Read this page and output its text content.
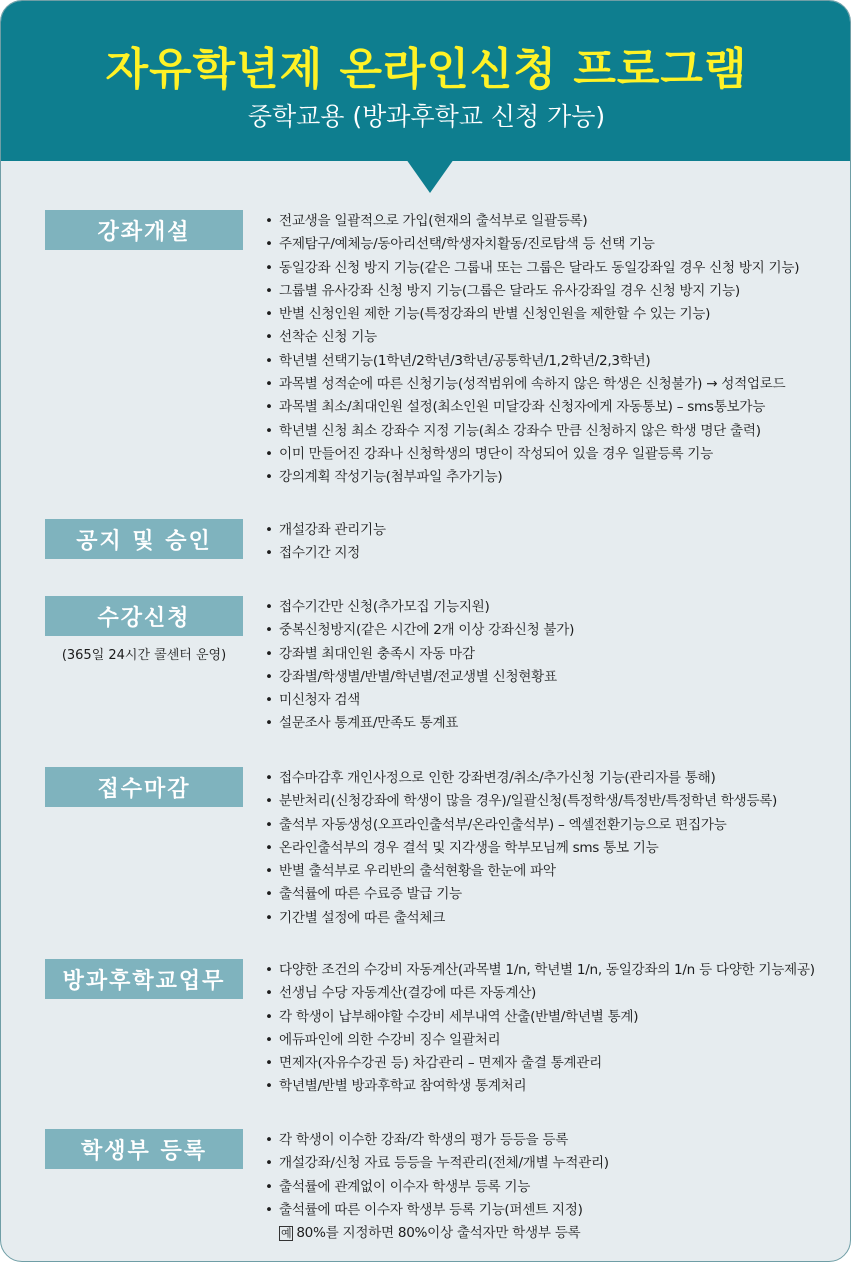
자유학년제 온라인신청 프로그램
중학교용 (방과후학교 신청 가능)
강좌개설	• 전교생을 일괄적으로 가입(현재의 출석부로 일괄등록)
• 주제탐구/예체능/동아리선택/학생자치활동/진로탐색 등 선택 기능
• 동일강좌 신청 방지 기능(같은 그룹내 또는 그룹은 달라도 동일강좌일 경우 신청 방지 기능)
• 그룹별 유사강좌 신청 방지 기능(그룹은 달라도 유사강좌일 경우 신청 방지 기능)
• 반별 신청인원 제한 기능(특정강좌의 반별 신청인원을 제한할 수 있는 기능)
• 선착순 신청 기능
• 학년별 선택기능(1학년/2학년/3학년/공통학년/1,2학년/2,3학년)
• 과목별 성적순에 따른 신청기능(성적범위에 속하지 않은 학생은 신청불가) → 성적업로드
• 과목별 최소/최대인원 설정(최소인원 미달강좌 신청자에게 자동통보) – sms통보가능
• 학년별 신청 최소 강좌수 지정 기능(최소 강좌수 만큼 신청하지 않은 학생 명단 출력)
• 이미 만들어진 강좌나 신청학생의 명단이 작성되어 있을 경우 일괄등록 기능
• 강의계획 작성기능(첨부파일 추가기능)
공지 및 승인	• 개설강좌 관리기능
• 접수기간 지정
수강신청
(365일 24시간 콜센터 운영)
• 접수기간만 신청(추가모집 기능지원)
• 중복신청방지(같은 시간에 2개 이상 강좌신청 불가)
• 강좌별 최대인원 충족시 자동 마감
• 강좌별/학생별/반별/학년별/전교생별 신청현황표
• 미신청자 검색
• 설문조사 통계표/만족도 통계표
접수마감	• 접수마감후 개인사정으로 인한 강좌변경/취소/추가신청 기능(관리자를 통해)
• 분반처리(신청강좌에 학생이 많을 경우)/일괄신청(특정학생/특정반/특정학년 학생등록)
• 출석부 자동생성(오프라인출석부/온라인출석부) – 엑셀전환기능으로 편집가능
• 온라인출석부의 경우 결석 및 지각생을 학부모님께 sms 통보 기능
• 반별 출석부로 우리반의 출석현황을 한눈에 파악
• 출석률에 따른 수료증 발급 기능
• 기간별 설정에 따른 출석체크
방과후학교업무	• 다양한 조건의 수강비 자동계산(과목별 1/n, 학년별 1/n, 동일강좌의 1/n 등 다양한 기능제공)
• 선생님 수당 자동계산(결강에 따른 자동계산)
• 각 학생이 납부해야할 수강비 세부내역 산출(반별/학년별 통계)
• 에듀파인에 의한 수강비 징수 일괄처리
• 면제자(자유수강권 등) 차감관리 – 면제자 출결 통계관리
• 학년별/반별 방과후학교 참여학생 통계처리
학생부 등록	• 각 학생이 이수한 강좌/각 학생의 평가 등등을 등록
• 개설강좌/신청 자료 등등을 누적관리(전체/개별 누적관리)
• 출석률에 관계없이 이수자 학생부 등록 기능
• 출석률에 따른 이수자 학생부 등록 기능(퍼센트 지정)
예 80%를 지정하면 80%이상 출석자만 학생부 등록
